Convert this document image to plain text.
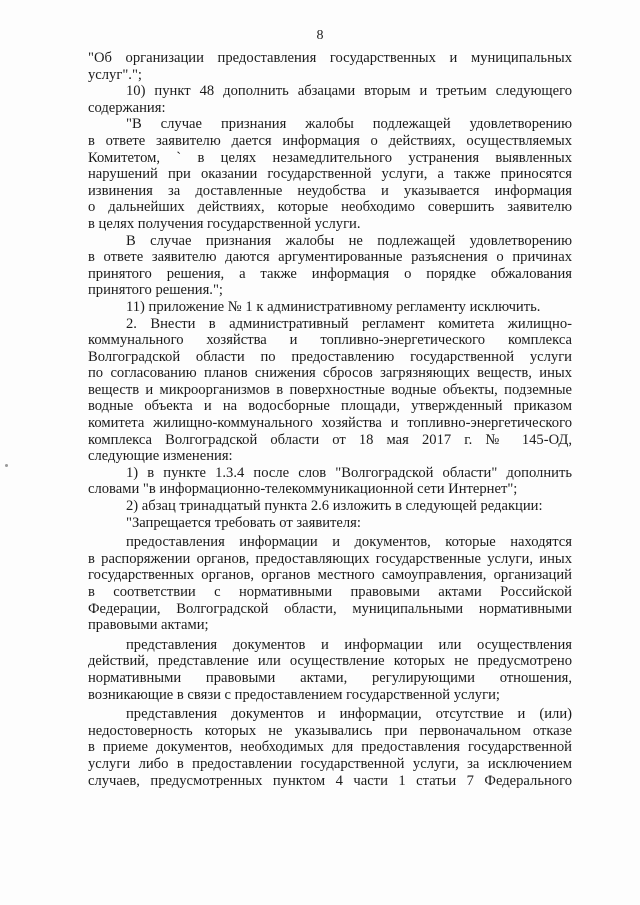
8
"Об организации предоставления государственных и муниципальных
услуг".";
10) пункт 48 дополнить абзацами вторым и третьим следующего
содержания:
"В случае признания жалобы подлежащей удовлетворению
в ответе заявителю дается информация о действиях, осуществляемых
Комитетом, ` в целях незамедлительного устранения выявленных
нарушений при оказании государственной услуги, а также приносятся
извинения за доставленные неудобства и указывается информация
о дальнейших действиях, которые необходимо совершить заявителю
в целях получения государственной услуги.
В случае признания жалобы не подлежащей удовлетворению
в ответе заявителю даются аргументированные разъяснения о причинах
принятого решения, а также информация о порядке обжалования
принятого решения.";
11) приложение № 1 к административному регламенту исключить.
2. Внести в административный регламент комитета жилищно-
коммунального хозяйства и топливно-энергетического комплекса
Волгоградской области по предоставлению государственной услуги
по согласованию планов снижения сбросов загрязняющих веществ, иных
веществ и микроорганизмов в поверхностные водные объекты, подземные
водные объекта и на водосборные площади, утвержденный приказом
комитета жилищно-коммунального хозяйства и топливно-энергетического
комплекса Волгоградской области от 18 мая 2017 г. № 145-ОД,
следующие изменения:
1) в пункте 1.3.4 после слов "Волгоградской области" дополнить
словами "в информационно-телекоммуникационной сети Интернет";
2) абзац тринадцатый пункта 2.6 изложить в следующей редакции:
"Запрещается требовать от заявителя:
предоставления информации и документов, которые находятся
в распоряжении органов, предоставляющих государственные услуги, иных
государственных органов, органов местного самоуправления, организаций
в соответствии с нормативными правовыми актами Российской
Федерации, Волгоградской области, муниципальными нормативными
правовыми актами;
представления документов и информации или осуществления
действий, представление или осуществление которых не предусмотрено
нормативными правовыми актами, регулирующими отношения,
возникающие в связи с предоставлением государственной услуги;
представления документов и информации, отсутствие и (или)
недостоверность которых не указывались при первоначальном отказе
в приеме документов, необходимых для предоставления государственной
услуги либо в предоставлении государственной услуги, за исключением
случаев, предусмотренных пунктом 4 части 1 статьи 7 Федерального
